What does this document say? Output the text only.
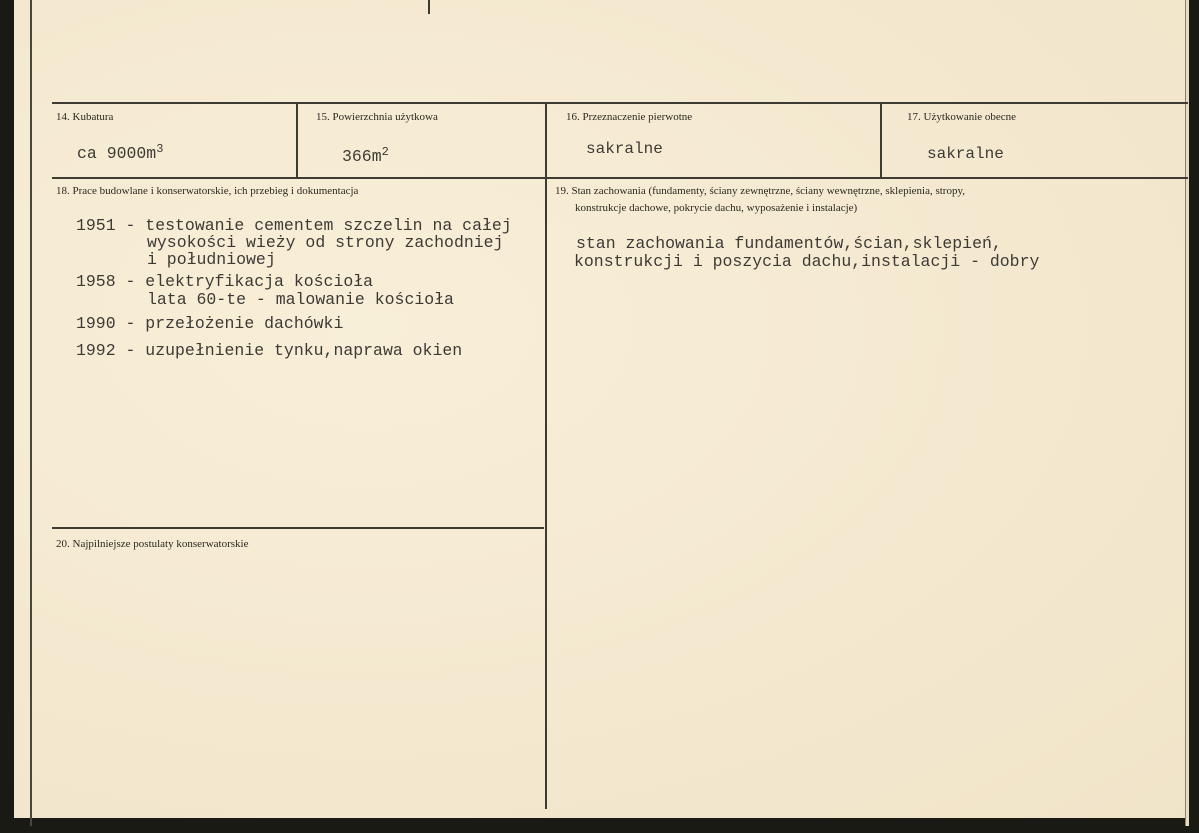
14. Kubatura
ca $9000m^3$
15. Powierzchnia użytkowa
$366m^2$
16. Przeznaczenie pierwotne
sakralne
17. Użytkowanie obecne
sakralne
18. Prace budowlane i konserwatorskie, ich przebieg i dokumentacja
1951 - testowanie cementem szczelin na całej
wysokości wieży od strony zachodniej
i południowej
1958 - elektryfikacja kościoła
lata 60-te - malowanie kościoła
1990 - przełożenie dachówki
1992 - uzupełnienie tynku,naprawa okien
19. Stan zachowania (fundamenty, ściany zewnętrzne, ściany wewnętrzne, sklepienia, stropy,
konstrukcje dachowe, pokrycie dachu, wyposażenie i instalacje)
stan zachowania fundamentów,ścian,sklepień,
konstrukcji i poszycia dachu,instalacji - dobry
20. Najpilniejsze postulaty konserwatorskie
